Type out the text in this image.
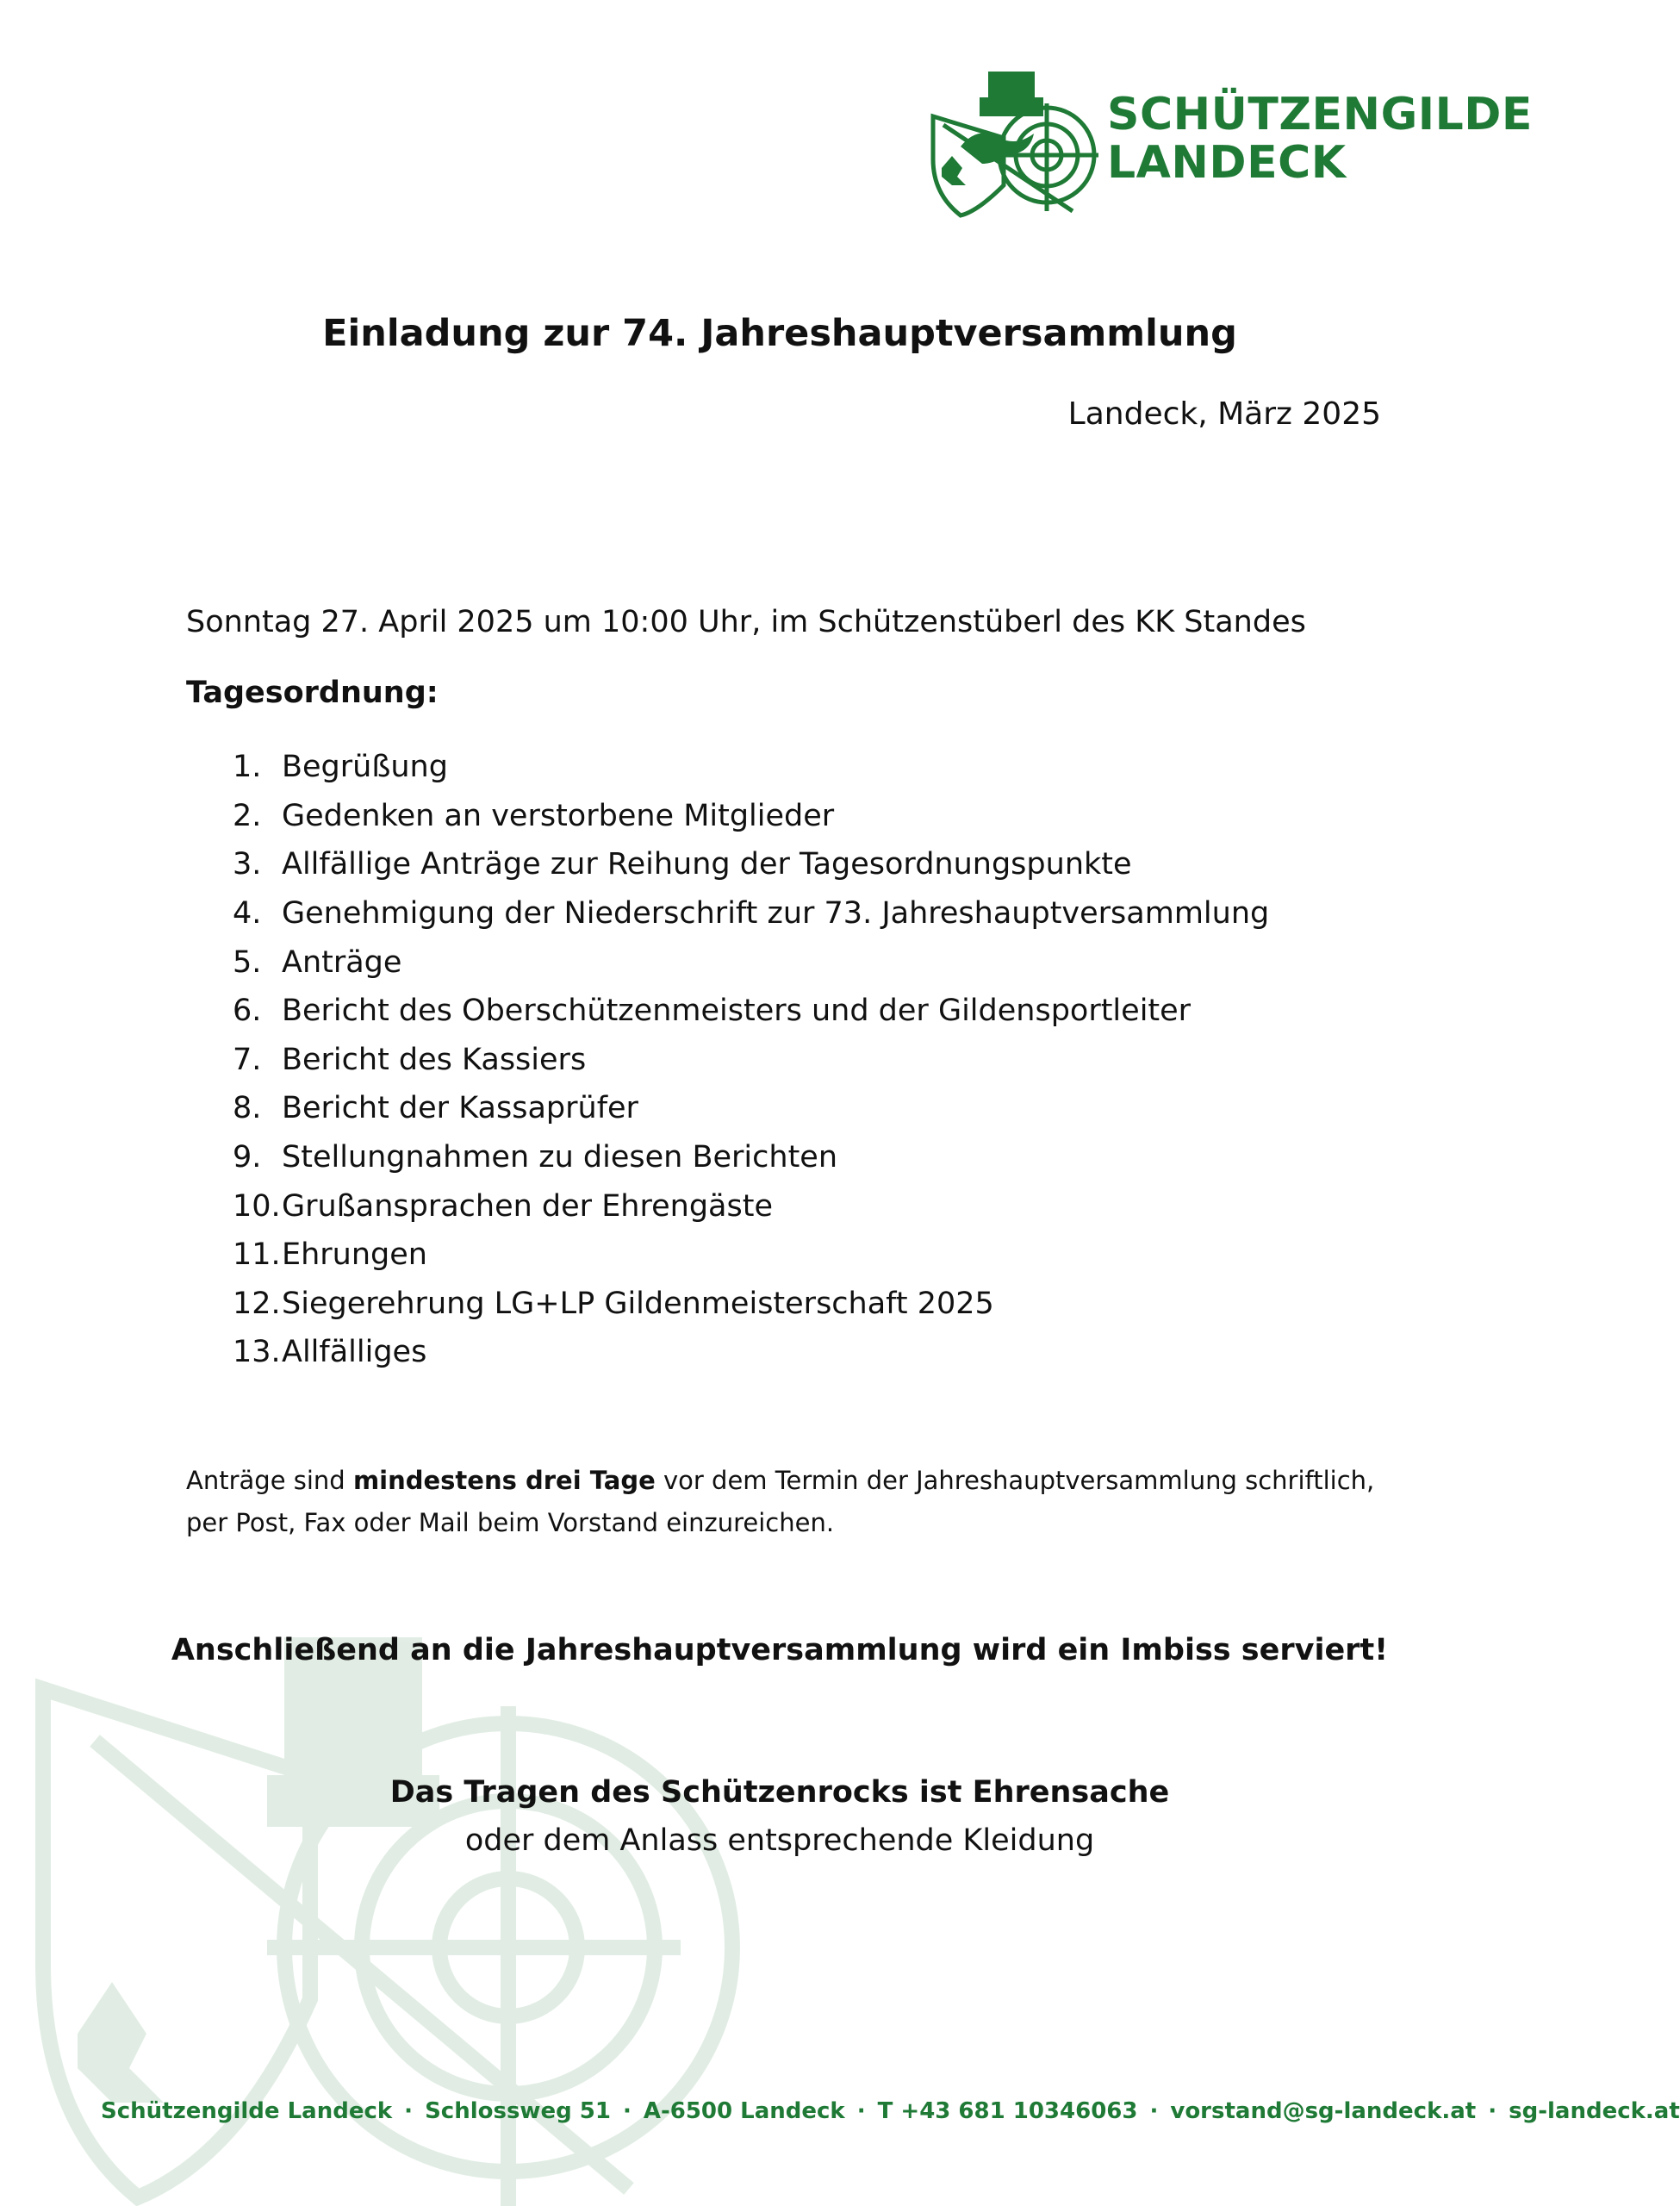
SCHÜTZENGILDE
LANDECK
Einladung zur 74. Jahreshauptversammlung
Landeck, März 2025
Sonntag 27. April 2025 um 10:00 Uhr, im Schützenstüberl des KK Standes
Tagesordnung:
1. Begrüßung
2. Gedenken an verstorbene Mitglieder
3. Allfällige Anträge zur Reihung der Tagesordnungspunkte
4. Genehmigung der Niederschrift zur 73. Jahreshauptversammlung
5. Anträge
6. Bericht des Oberschützenmeisters und der Gildensportleiter
7. Bericht des Kassiers
8. Bericht der Kassaprüfer
9. Stellungnahmen zu diesen Berichten
10. Grußansprachen der Ehrengäste
11. Ehrungen
12. Siegerehrung LG+LP Gildenmeisterschaft 2025
13. Allfälliges
Anträge sind mindestens drei Tage vor dem Termin der Jahreshauptversammlung schriftlich,
per Post, Fax oder Mail beim Vorstand einzureichen.
Anschließend an die Jahreshauptversammlung wird ein Imbiss serviert!
Das Tragen des Schützenrocks ist Ehrensache
oder dem Anlass entsprechende Kleidung
Schützengilde Landeck · Schlossweg 51 · A-6500 Landeck · T +43 681 10346063 · vorstand@sg-landeck.at · sg-landeck.at
